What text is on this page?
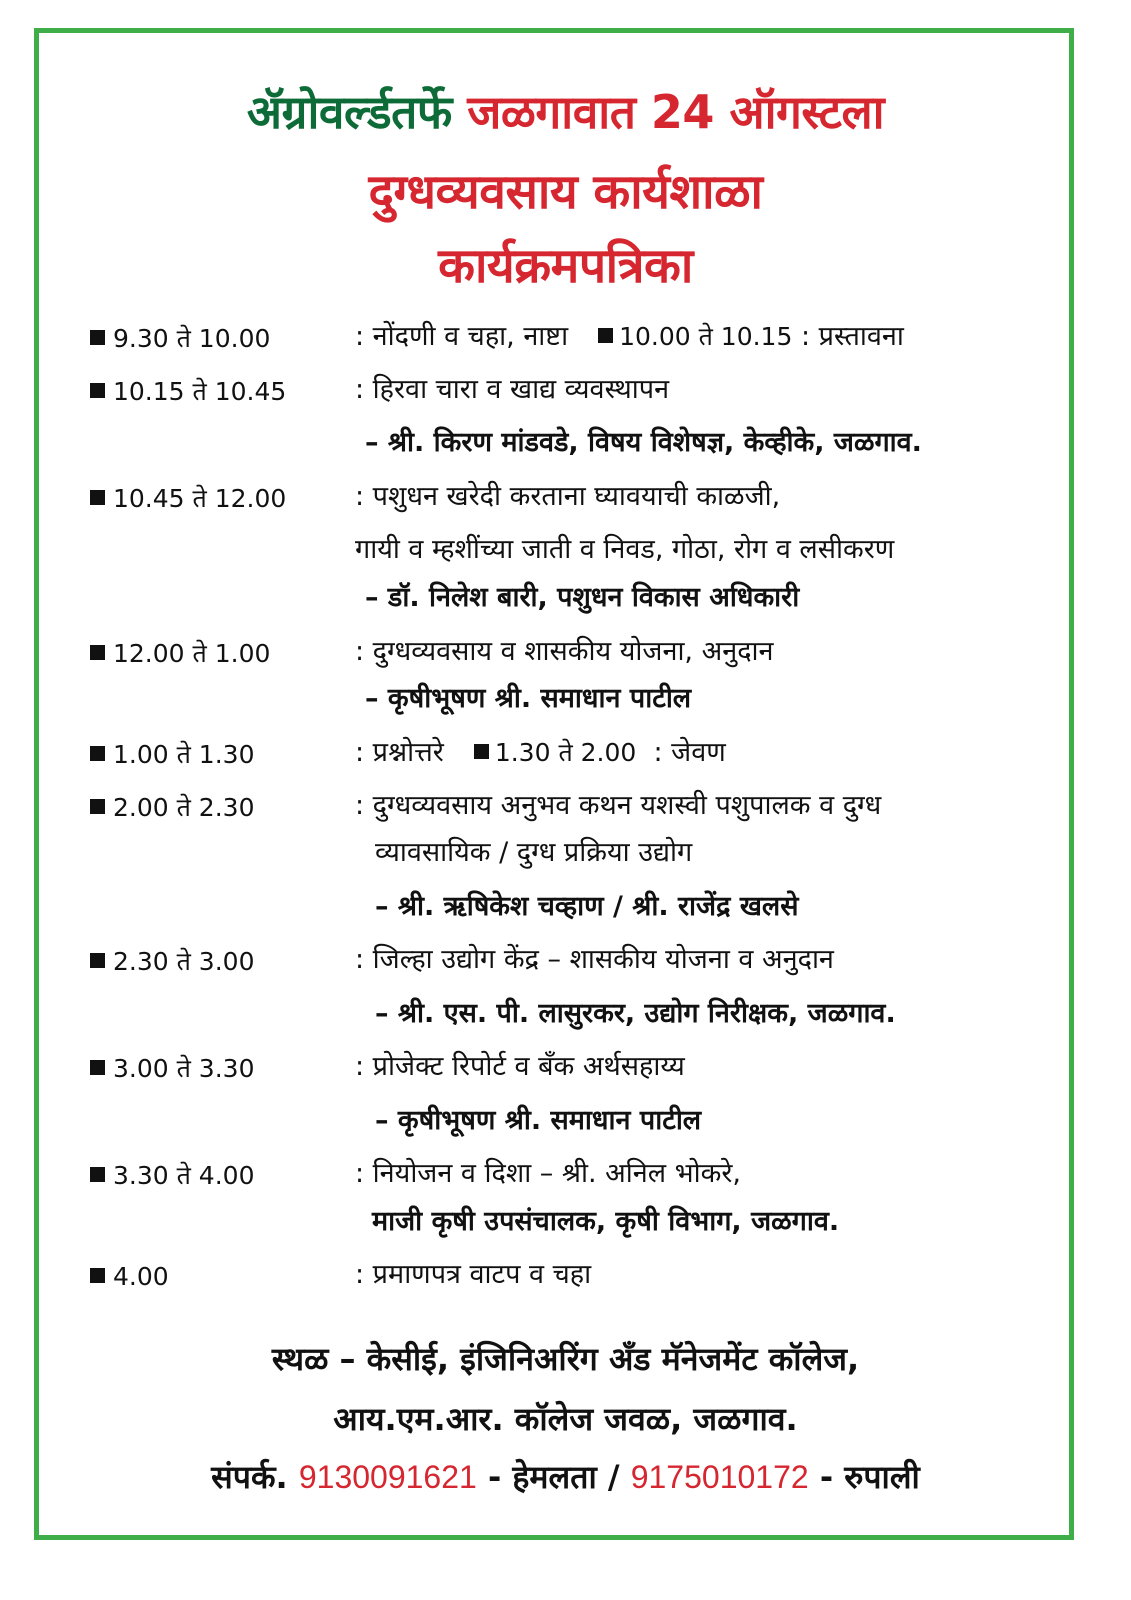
ॲग्रोवर्ल्डतर्फे जळगावात 24 ऑगस्टला
दुग्धव्यवसाय कार्यशाळा
कार्यक्रमपत्रिका
9.30 ते 10.00	: नोंदणी व चहा, नाष्टा 10.00 ते 10.15 : प्रस्तावना
10.15 ते 10.45	: हिरवा चारा व खाद्य व्यवस्थापन
– श्री. किरण मांडवडे, विषय विशेषज्ञ, केव्हीके, जळगाव.
10.45 ते 12.00	: पशुधन खरेदी करताना घ्यावयाची काळजी,
गायी व म्हशींच्या जाती व निवड, गोठा, रोग व लसीकरण
– डॉ. निलेश बारी, पशुधन विकास अधिकारी
12.00 ते 1.00	: दुग्धव्यवसाय व शासकीय योजना, अनुदान
– कृषीभूषण श्री. समाधान पाटील
1.00 ते 1.30	: प्रश्नोत्तरे 1.30 ते 2.00 : जेवण
2.00 ते 2.30	: दुग्धव्यवसाय अनुभव कथन यशस्वी पशुपालक व दुग्ध
व्यावसायिक / दुग्ध प्रक्रिया उद्योग
– श्री. ऋषिकेश चव्हाण / श्री. राजेंद्र खलसे
2.30 ते 3.00	: जिल्हा उद्योग केंद्र – शासकीय योजना व अनुदान
– श्री. एस. पी. लासुरकर, उद्योग निरीक्षक, जळगाव.
3.00 ते 3.30	: प्रोजेक्ट रिपोर्ट व बँक अर्थसहाय्य
– कृषीभूषण श्री. समाधान पाटील
3.30 ते 4.00	: नियोजन व दिशा – श्री. अनिल भोकरे,
माजी कृषी उपसंचालक, कृषी विभाग, जळगाव.
4.00	: प्रमाणपत्र वाटप व चहा
स्थळ – केसीई, इंजिनिअरिंग अँड मॅनेजमेंट कॉलेज,
आय.एम.आर. कॉलेज जवळ, जळगाव.
संपर्क. 9130091621 - हेमलता / 9175010172 - रुपाली
